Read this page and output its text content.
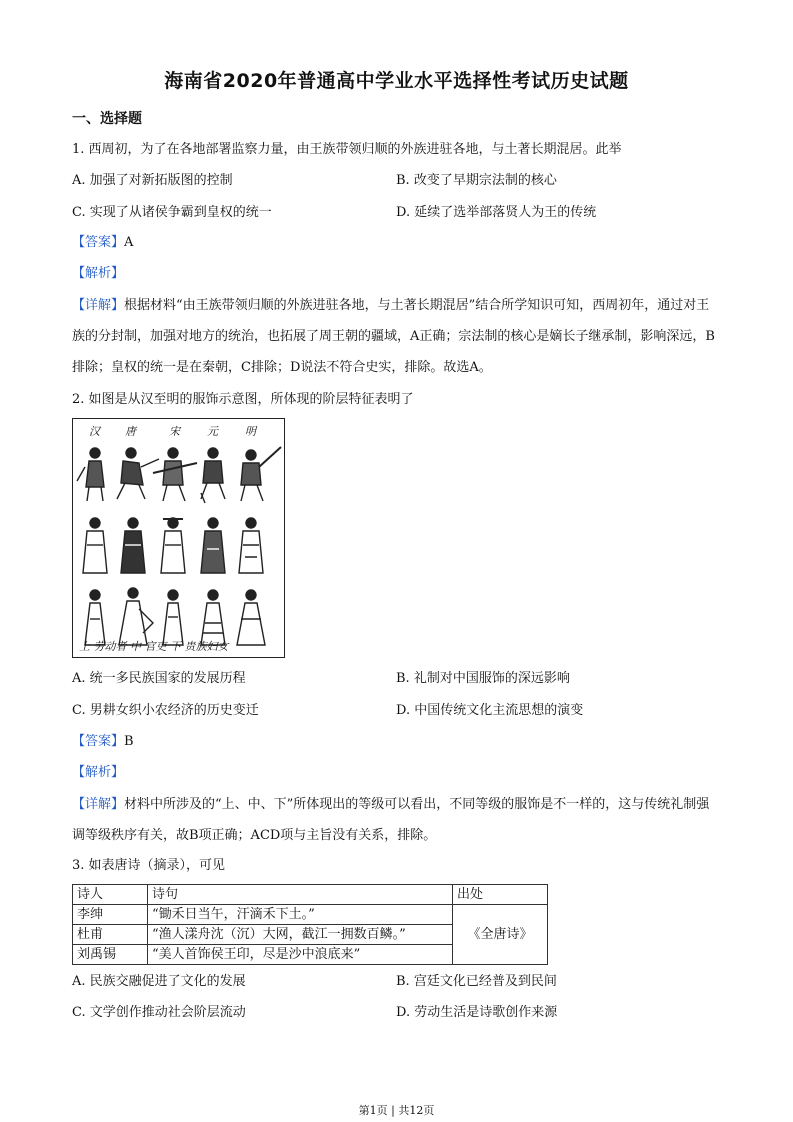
海南省2020年普通高中学业水平选择性考试历史试题
一、选择题
1. 西周初，为了在各地部署监察力量，由王族带领归顺的外族进驻各地，与土著长期混居。此举
A. 加强了对新拓版图的控制	B. 改变了早期宗法制的核心
C. 实现了从诸侯争霸到皇权的统一	D. 延续了选举部落贤人为王的传统
【答案】A
【解析】
【详解】根据材料“由王族带领归顺的外族进驻各地，与土著长期混居”结合所学知识可知，西周初年，通过对王族的分封制，加强对地方的统治，也拓展了周王朝的疆域，A正确；宗法制的核心是嫡长子继承制，影响深远，B排除；皇权的统一是在秦朝，C排除；D说法不符合史实，排除。故选A。
2. 如图是从汉至明的服饰示意图，所体现的阶层特征表明了
汉 唐	宋 元 明
上 劳动者 中 官吏 下 贵族妇女
A. 统一多民族国家的发展历程	B. 礼制对中国服饰的深远影响
C. 男耕女织小农经济的历史变迁	D. 中国传统文化主流思想的演变
【答案】B
【解析】
【详解】材料中所涉及的“上、中、下”所体现出的等级可以看出，不同等级的服饰是不一样的，这与传统礼制强调等级秩序有关，故B项正确；ACD项与主旨没有关系，排除。
3. 如表唐诗（摘录），可见
诗人	诗句	出处
李绅	“锄禾日当午，汗滴禾下土。”	《全唐诗》
杜甫	“渔人漾舟沈（沉）大网，截江一拥数百鳞。”	
刘禹锡	“美人首饰侯王印，尽是沙中浪底来”	
A. 民族交融促进了文化的发展	B. 宫廷文化已经普及到民间
C. 文学创作推动社会阶层流动	D. 劳动生活是诗歌创作来源
第1页 | 共12页
